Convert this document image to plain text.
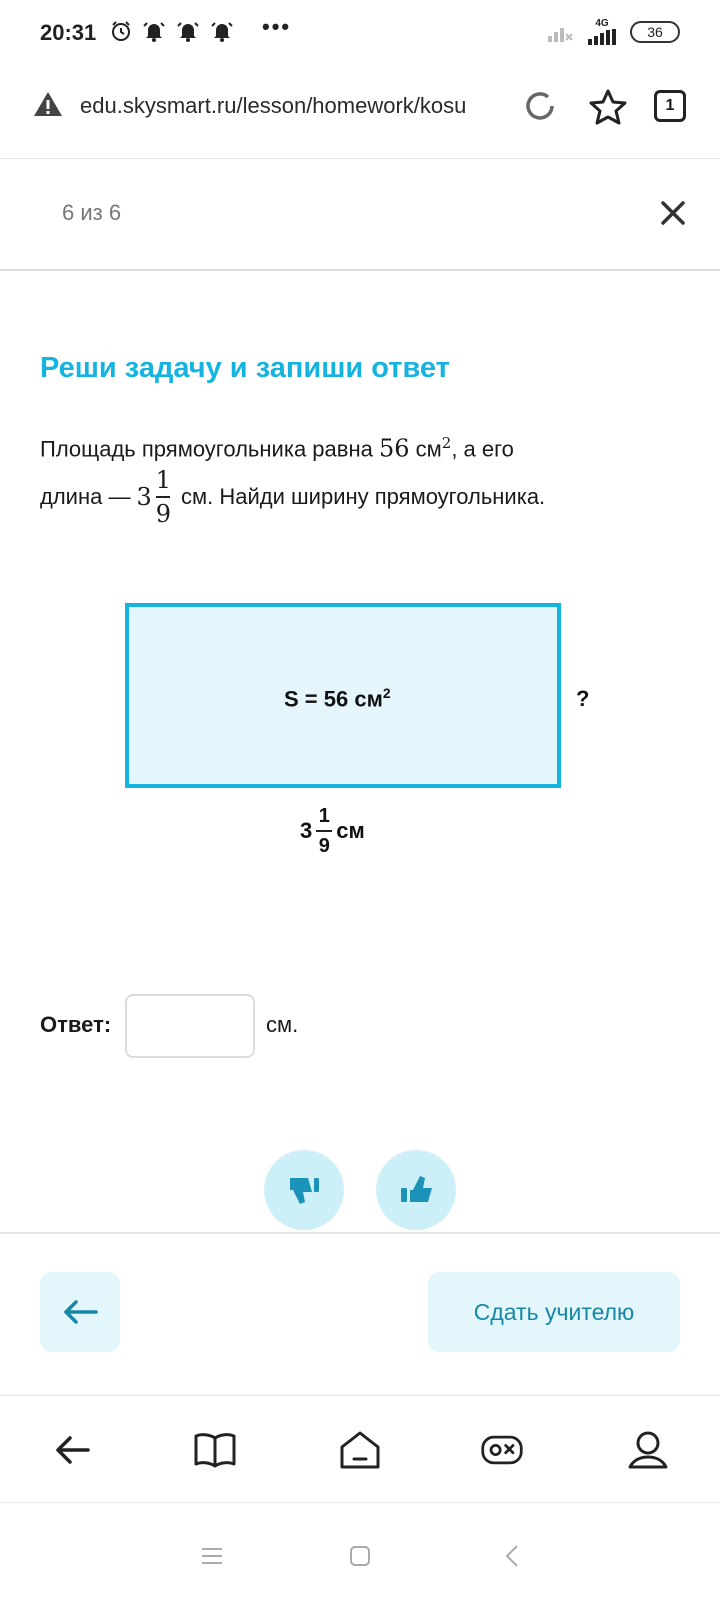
20:31	•••	4G	36
edu.skysmart.ru/lesson/homework/kosu	1
6 из 6
Реши задачу и запиши ответ
Площадь прямоугольника равна 56 $см^2$, а его
длина — $3 \frac{1}{9}$ см. Найди ширину прямоугольника.
S = 56 $см^2$	?
$3 \frac{1}{9}$ см
Ответ:	см.
Сдать учителю
